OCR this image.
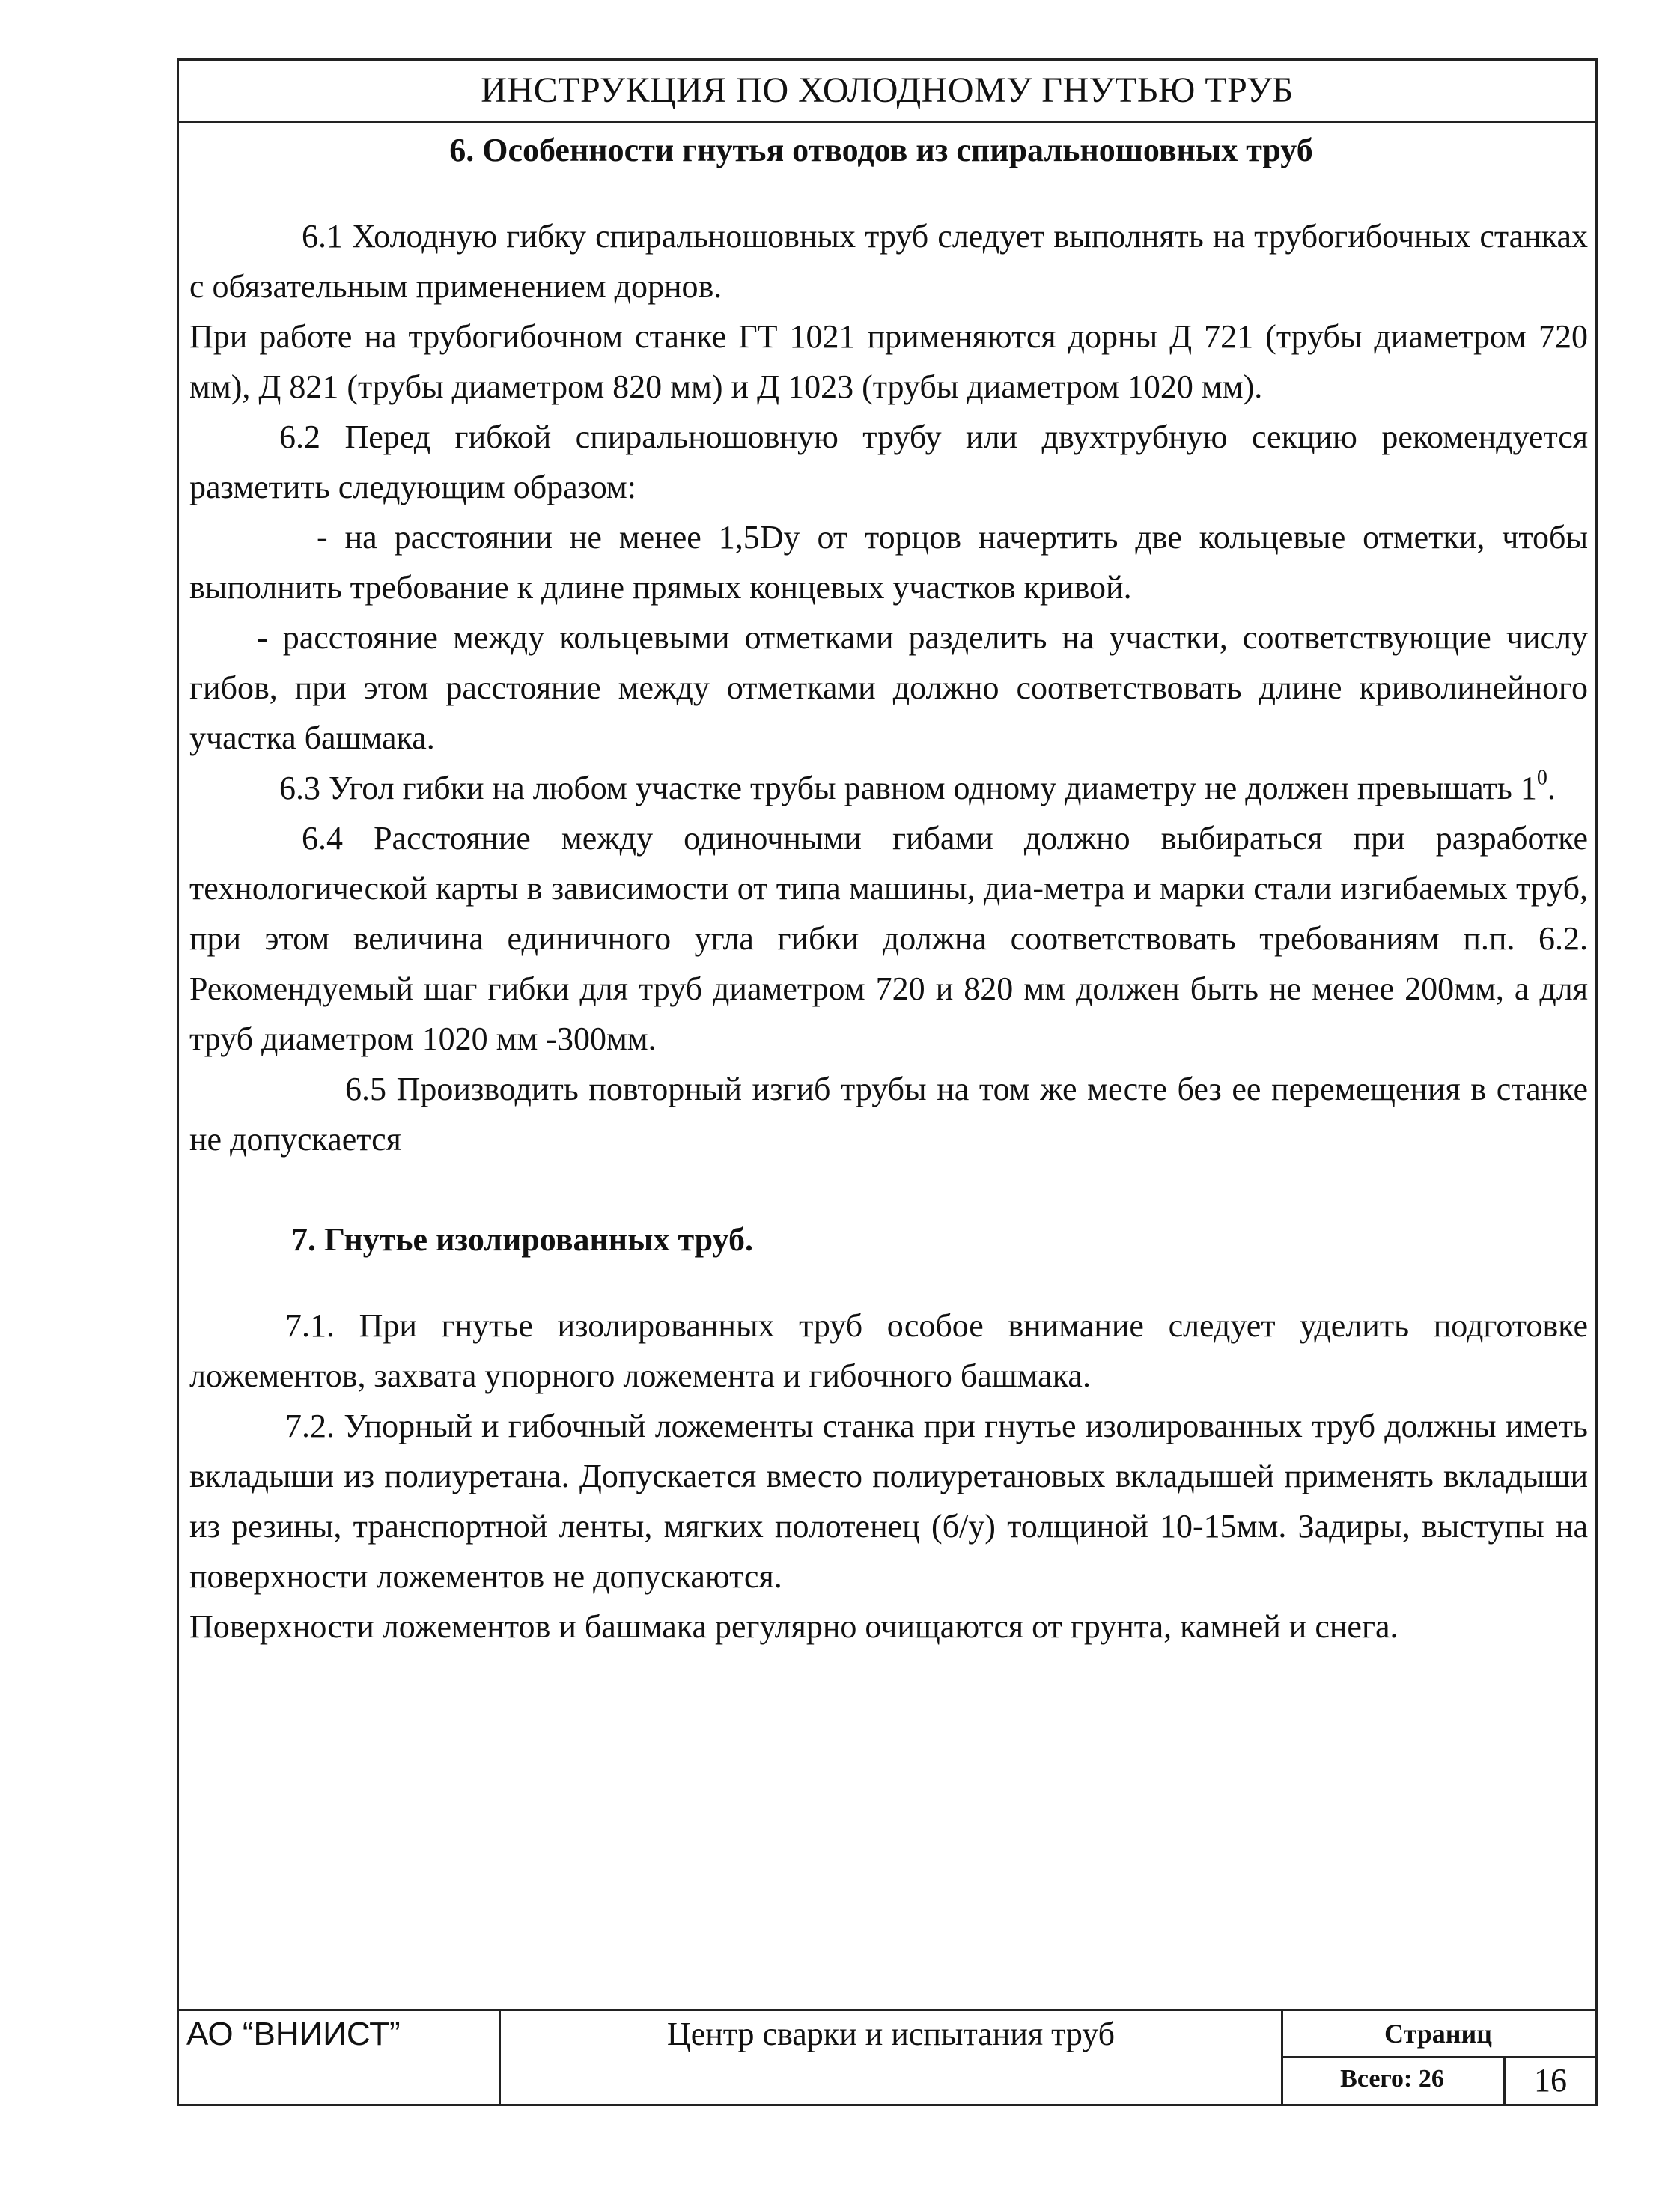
ИНСТРУКЦИЯ ПО ХОЛОДНОМУ ГНУТЬЮ ТРУБ

6. Особенности гнутья отводов из спиральношовных труб

6.1 Холодную гибку спиральношовных труб следует выполнять на трубогибочных станках с обязательным применением дорнов.

При работе на трубогибочном станке ГТ 1021 применяются дорны Д 721 (трубы диаметром 720 мм), Д 821 (трубы диаметром 820 мм) и Д 1023 (трубы диаметром 1020 мм).

6.2 Перед гибкой спиральношовную трубу или двухтрубную секцию рекомендуется разметить следующим образом:

- на расстоянии не менее 1,5Dy от торцов начертить две кольцевые отметки, чтобы выполнить требование к длине прямых концевых участков кривой.

- расстояние между кольцевыми отметками разделить на участки, соответствующие числу гибов, при этом расстояние между отметками должно соответствовать длине криволинейного участка башмака.

6.3 Угол гибки на любом участке трубы равном одному диаметру не должен превышать $1^0$.

6.4 Расстояние между одиночными гибами должно выбираться при разработке технологической карты в зависимости от типа машины, диа-метра и марки стали изгибаемых труб, при этом величина единичного угла гибки должна соответствовать требованиям п.п. 6.2. Рекомендуемый шаг гибки для труб диаметром 720 и 820 мм должен быть не менее 200мм, а для труб диаметром 1020 мм -300мм.

6.5 Производить повторный изгиб трубы на том же месте без ее перемещения в станке не допускается

7. Гнутье изолированных труб.

7.1. При гнутье изолированных труб особое внимание следует уделить подготовке ложементов, захвата упорного ложемента и гибочного башмака.

7.2. Упорный и гибочный ложементы станка при гнутье изолированных труб должны иметь вкладыши из полиуретана. Допускается вместо полиуретановых вкладышей применять вкладыши из резины, транспортной ленты, мягких полотенец (б/у) толщиной 10-15мм. Задиры, выступы на поверхности ложементов не допускаются.

Поверхности ложементов и башмака регулярно очищаются от грунта, камней и снега.

АО “ВНИИСТ”	Центр сварки и испытания труб	Страниц
Всего: 26	16
